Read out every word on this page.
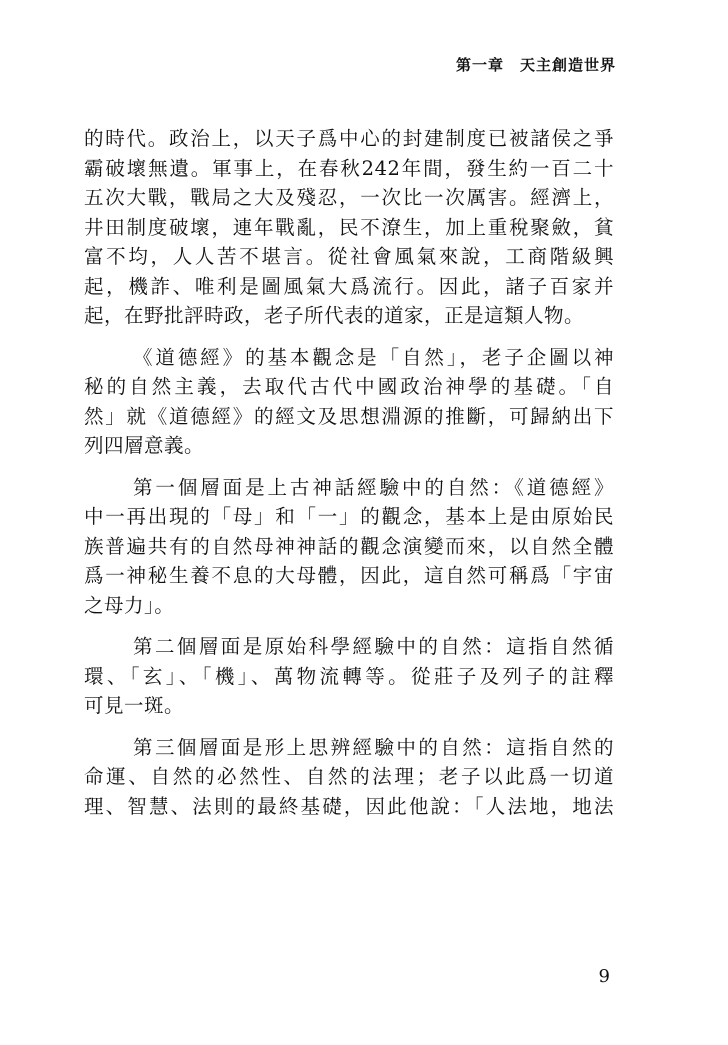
第一章 天主創造世界
的時代。政治上，以天子爲中心的封建制度已被諸侯之爭
霸破壞無遺。軍事上，在春秋242年間，發生約一百二十
五次大戰，戰局之大及殘忍，一次比一次厲害。經濟上，
井田制度破壞，連年戰亂，民不潦生，加上重稅聚斂，貧
富不均，人人苦不堪言。從社會風氣來說，工商階級興
起，機詐、唯利是圖風氣大爲流行。因此，諸子百家并
起，在野批評時政，老子所代表的道家，正是這類人物。
《道德經》的基本觀念是「自然」，老子企圖以神
秘的自然主義，去取代古代中國政治神學的基礎。「自
然」就《道德經》的經文及思想淵源的推斷，可歸納出下
列四層意義。
第一個層面是上古神話經驗中的自然：《道德經》
中一再出現的「母」和「一」的觀念，基本上是由原始民
族普遍共有的自然母神神話的觀念演變而來，以自然全體
爲一神秘生養不息的大母體，因此，這自然可稱爲「宇宙
之母力」。
第二個層面是原始科學經驗中的自然：這指自然循
環、「玄」、「機」、萬物流轉等。從莊子及列子的註釋
可見一斑。
第三個層面是形上思辨經驗中的自然：這指自然的
命運、自然的必然性、自然的法理；老子以此爲一切道
理、智慧、法則的最終基礎，因此他說：「人法地，地法
9
